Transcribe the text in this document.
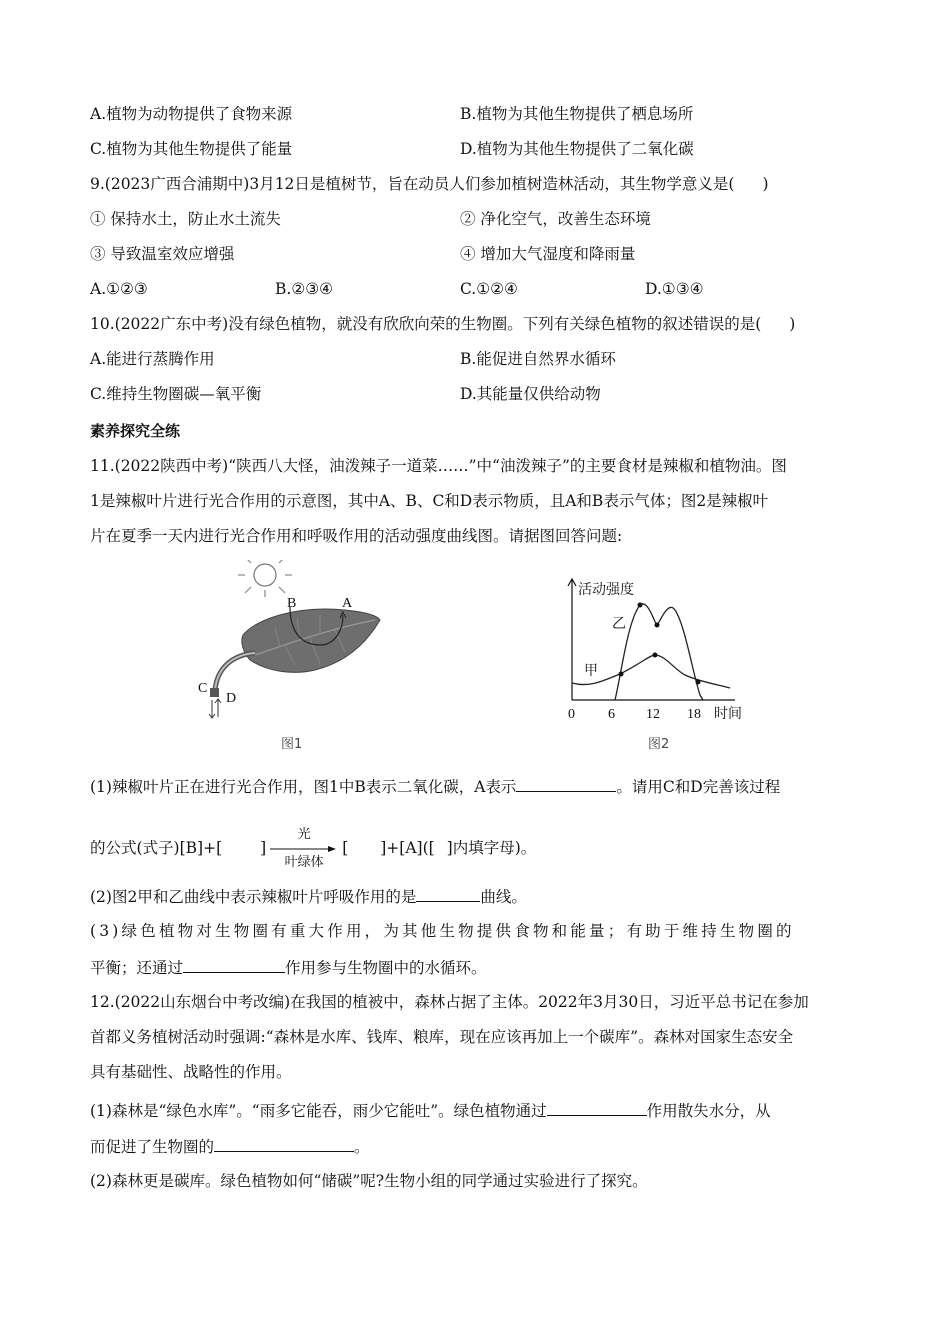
A.植物为动物提供了食物来源	B.植物为其他生物提供了栖息场所
C.植物为其他生物提供了能量	D.植物为其他生物提供了二氧化碳
9.(2023广西合浦期中)3月12日是植树节，旨在动员人们参加植树造林活动，其生物学意义是( )
① 保持水土，防止水土流失	② 净化空气，改善生态环境
③ 导致温室效应增强	④ 增加大气湿度和降雨量
A.①②③	B.②③④	C.①②④	D.①③④
10.(2022广东中考)没有绿色植物，就没有欣欣向荣的生物圈。下列有关绿色植物的叙述错误的是( )
A.能进行蒸腾作用	B.能促进自然界水循环
C.维持生物圈碳—氧平衡	D.其能量仅供给动物
素养探究全练
11.(2022陕西中考)“陕西八大怪，油泼辣子一道菜……”中“油泼辣子”的主要食材是辣椒和植物油。图
1是辣椒叶片进行光合作用的示意图，其中A、B、C和D表示物质，且A和B表示气体；图2是辣椒叶
片在夏季一天内进行光合作用和呼吸作用的活动强度曲线图。请据图回答问题:
B	A
C
D
图1
活动强度
乙
甲
0 6 12 18 时间
图2
(1)辣椒叶片正在进行光合作用，图1中B表示二氧化碳，A表示	。请用C和D完善该过程
的公式(式子)[B]+[ ]
光
叶绿体
[ ]+[A]([ ]内填字母)。
(2)图2甲和乙曲线中表示辣椒叶片呼吸作用的是	曲线。
(3)绿色植物对生物圈有重大作用，为其他生物提供食物和能量；有助于维持生物圈的
平衡；还通过	作用参与生物圈中的水循环。
12.(2022山东烟台中考改编)在我国的植被中，森林占据了主体。2022年3月30日，习近平总书记在参加
首都义务植树活动时强调:“森林是水库、钱库、粮库，现在应该再加上一个碳库”。森林对国家生态安全
具有基础性、战略性的作用。
(1)森林是“绿色水库”。“雨多它能吞，雨少它能吐”。绿色植物通过	作用散失水分，从
而促进了生物圈的	。
(2)森林更是碳库。绿色植物如何“储碳”呢?生物小组的同学通过实验进行了探究。
